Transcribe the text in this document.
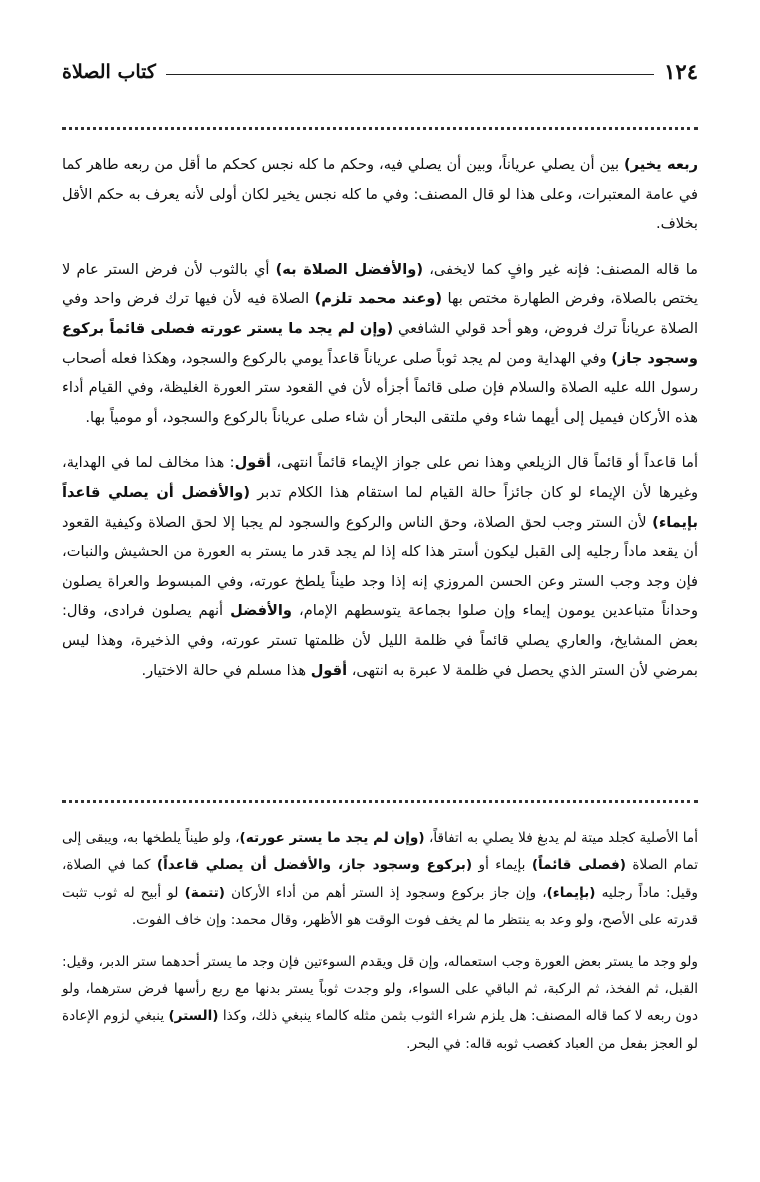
١٢٤
كتاب الصلاة

ربعه يخير) بين أن يصلي عرياناً، وبين أن يصلي فيه، وحكم ما كله نجس كحكم ما أقل من ربعه طاهر كما في عامة المعتبرات، وعلى هذا لو قال المصنف: وفي ما كله نجس يخير لكان أولى لأنه يعرف به حكم الأقل بخلاف.

ما قاله المصنف: فإنه غير وافٍ كما لايخفى، (والأفضل الصلاة به) أي بالثوب لأن فرض الستر عام لا يختص بالصلاة، وفرض الطهارة مختص بها (وعند محمد تلزم) الصلاة فيه لأن فيها ترك فرض واحد وفي الصلاة عرياناً ترك فروض، وهو أحد قولي الشافعي (وإن لم يجد ما يستر عورته فصلى قائماً بركوع وسجود جاز) وفي الهداية ومن لم يجد ثوباً صلى عرياناً قاعداً يومي بالركوع والسجود، وهكذا فعله أصحاب رسول الله عليه الصلاة والسلام فإن صلى قائماً أجزأه لأن في القعود ستر العورة الغليظة، وفي القيام أداء هذه الأركان فيميل إلى أيهما شاء وفي ملتقى البحار أن شاء صلى عرياناً بالركوع والسجود، أو مومياً بها.

أما قاعداً أو قائماً قال الزيلعي وهذا نص على جواز الإيماء قائماً انتهى، أقول: هذا مخالف لما في الهداية، وغيرها لأن الإيماء لو كان جائزاً حالة القيام لما استقام هذا الكلام تدبر (والأفضل أن يصلي قاعداً بإيماء) لأن الستر وجب لحق الصلاة، وحق الناس والركوع والسجود لم يجبا إلا لحق الصلاة وكيفية القعود أن يقعد ماداً رجليه إلى القبل ليكون أستر هذا كله إذا لم يجد قدر ما يستر به العورة من الحشيش والنبات، فإن وجد وجب الستر وعن الحسن المروزي إنه إذا وجد طيناً يلطخ عورته، وفي المبسوط والعراة يصلون وحداناً متباعدين يومون إيماء وإن صلوا بجماعة يتوسطهم الإمام، والأفضل أنهم يصلون فرادى، وقال: بعض المشايخ، والعاري يصلي قائماً في ظلمة الليل لأن ظلمتها تستر عورته، وفي الذخيرة، وهذا ليس بمرضي لأن الستر الذي يحصل في ظلمة لا عبرة به انتهى، أقول هذا مسلم في حالة الاختيار.

أما الأصلية كجلد ميتة لم يدبغ فلا يصلي به اتفاقاً، (وإن لم يجد ما يستر عورته)، ولو طيناً يلطخها به، ويبقى إلى تمام الصلاة (فصلى قائماً) بإيماء أو (بركوع وسجود جاز، والأفضل أن يصلي قاعداً) كما في الصلاة، وقيل: ماداً رجليه (بإيماء)، وإن جاز بركوع وسجود إذ الستر أهم من أداء الأركان (تتمة) لو أبيح له ثوب تثبت قدرته على الأصح، ولو وعد به ينتظر ما لم يخف فوت الوقت هو الأظهر، وقال محمد: وإن خاف الفوت.

ولو وجد ما يستر بعض العورة وجب استعماله، وإن قل ويقدم السوءتين فإن وجد ما يستر أحدهما ستر الدبر، وقيل: القبل، ثم الفخذ، ثم الركبة، ثم الباقي على السواء، ولو وجدت ثوباً يستر بدنها مع ربع رأسها فرض سترهما، ولو دون ربعه لا كما قاله المصنف: هل يلزم شراء الثوب بثمن مثله كالماء ينبغي ذلك، وكذا (الستر) ينبغي لزوم الإعادة لو العجز بفعل من العباد كغصب ثوبه قاله: في البحر.
